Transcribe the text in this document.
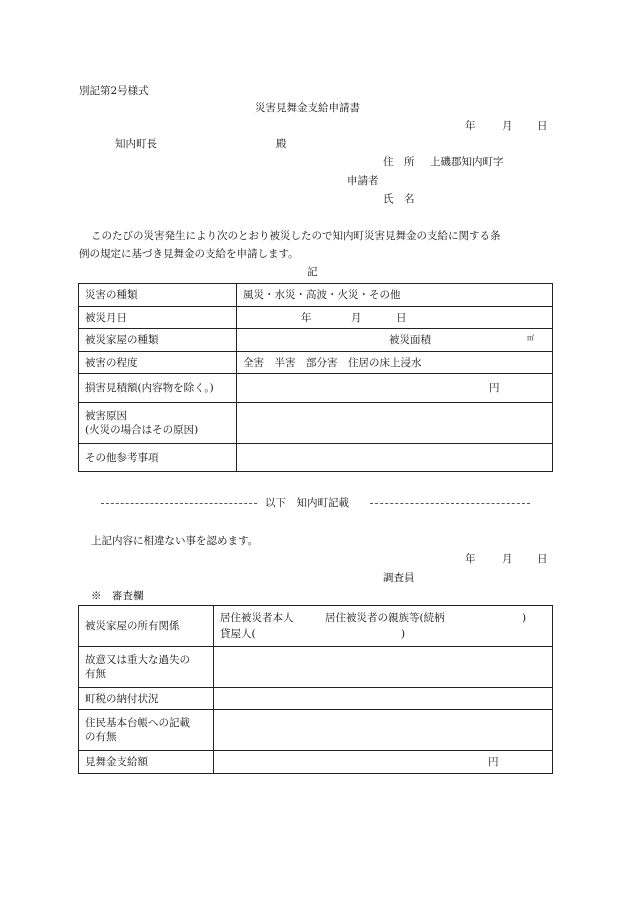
別記第2号様式
災害見舞金支給申請書
年	月 日
知内町長	殿
住　所 上磯郡知内町字
申請者
氏　名
このたびの災害発生により次のとおり被災したので知内町災害見舞金の支給に関する条
例の規定に基づき見舞金の支給を申請します。
記
災害の種類	風災・水災・高波・火災・その他
被災月日	年 月 日

被災家屋の種類	被災面積 ㎡

被害の程度	全害　半害　部分害　住居の床上浸水
損害見積額(内容物を除く。)	円

被害原因
(火災の場合はその原因)	

その他参考事項	
以下　知内町記載
上記内容に相違ない事を認めます。
年	月 日
調査員
※　審査欄
被災家屋の所有関係	居住被災者本人　　　居住被災者の親族等(続柄 )
貸屋人( )

故意又は重大な過失の
有無	

町税の納付状況	

住民基本台帳への記載
の有無	

見舞金支給額	円
